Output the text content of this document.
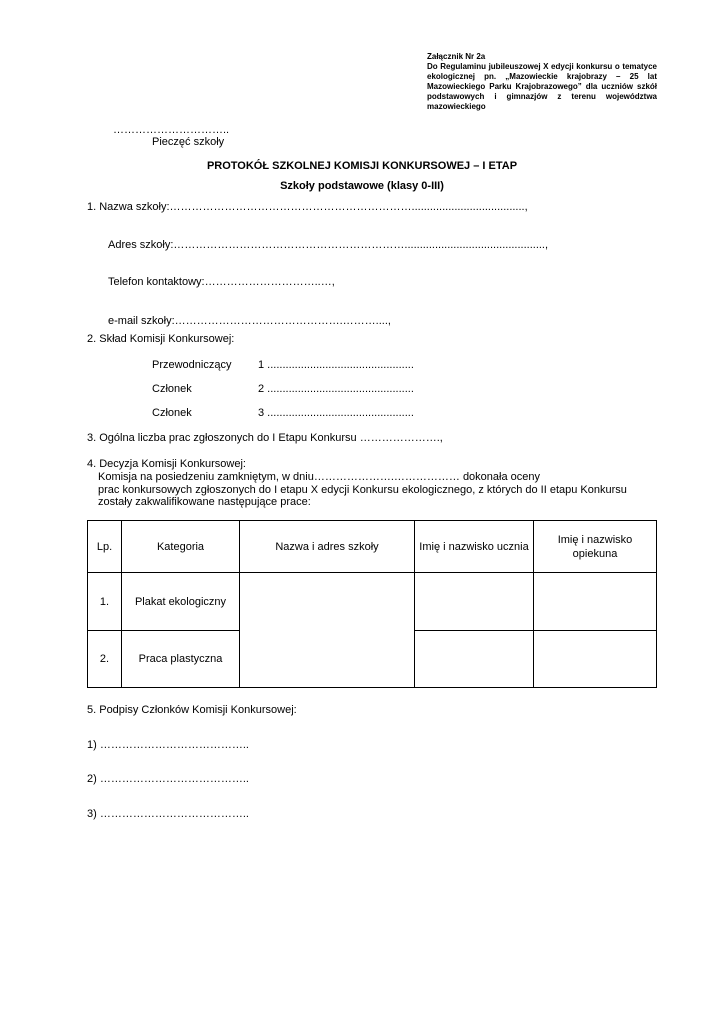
Załącznik Nr 2a
Do Regulaminu jubileuszowej X edycji konkursu o tematyce ekologicznej pn. „Mazowieckie krajobrazy – 25 lat Mazowieckiego Parku Krajobrazowego” dla uczniów szkół podstawowych i gimnazjów z terenu województwa mazowieckiego
…………………………..
Pieczęć szkoły
PROTOKÓŁ SZKOLNEJ KOMISJI KONKURSOWEJ – I ETAP
Szkoły podstawowe (klasy 0-III)
1. Nazwa szkoły:………………………………………………………….....................................,
Adres szkoły:………………………………………………………..............................................,
Telefon kontaktowy:…………………………..…,
e-mail szkoły:……………………………………….………....,
2. Skład Komisji Konkursowej:
Przewodniczący 1 ................................................
Członek	2 ................................................
Członek	3 ................................................
3. Ogólna liczba prac zgłoszonych do I Etapu Konkursu ………………….,
4. Decyzja Komisji Konkursowej:
Komisja na posiedzeniu zamkniętym, w dniu………………….……………… dokonała oceny
prac konkursowych zgłoszonych do I etapu X edycji Konkursu ekologicznego, z których do II etapu Konkursu
zostały zakwalifikowane następujące prace:
Lp.	Kategoria	Nazwa i adres szkoły	Imię i nazwisko ucznia	Imię i nazwisko opiekuna
1.	Plakat ekologiczny			
2.	Praca plastyczna			
5. Podpisy Członków Komisji Konkursowej:
1) …………………………………..
2) …………………………………..
3) …………………………………..
